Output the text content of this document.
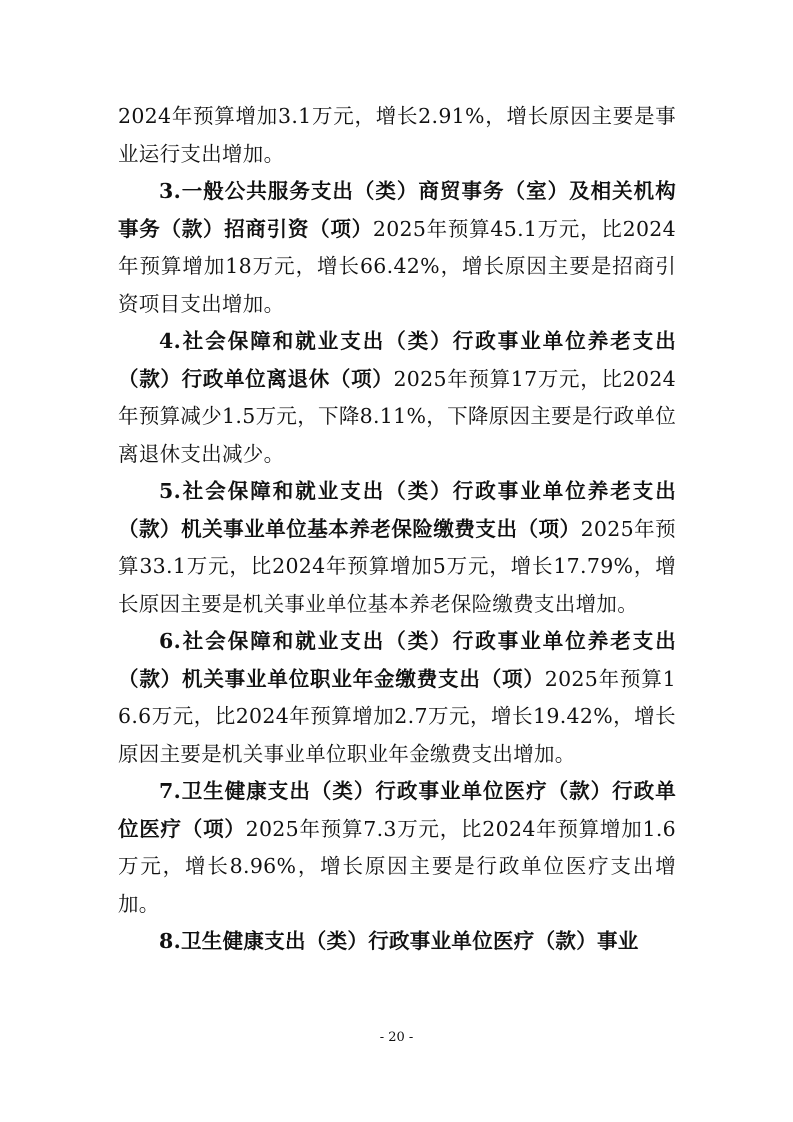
2024年预算增加3.1万元，增长2.91%，增长原因主要是事业运行支出增加。

3.一般公共服务支出（类）商贸事务（室）及相关机构事务（款）招商引资（项）2025年预算45.1万元，比2024年预算增加18万元，增长66.42%，增长原因主要是招商引资项目支出增加。

4.社会保障和就业支出（类）行政事业单位养老支出（款）行政单位离退休（项）2025年预算17万元，比2024年预算减少1.5万元，下降8.11%，下降原因主要是行政单位离退休支出减少。

5.社会保障和就业支出（类）行政事业单位养老支出（款）机关事业单位基本养老保险缴费支出（项）2025年预算33.1万元，比2024年预算增加5万元，增长17.79%，增长原因主要是机关事业单位基本养老保险缴费支出增加。

6.社会保障和就业支出（类）行政事业单位养老支出（款）机关事业单位职业年金缴费支出（项）2025年预算16.6万元，比2024年预算增加2.7万元，增长19.42%，增长原因主要是机关事业单位职业年金缴费支出增加。

7.卫生健康支出（类）行政事业单位医疗（款）行政单位医疗（项）2025年预算7.3万元，比2024年预算增加1.6万元，增长8.96%，增长原因主要是行政单位医疗支出增加。

8.卫生健康支出（类）行政事业单位医疗（款）事业

- 20 -
